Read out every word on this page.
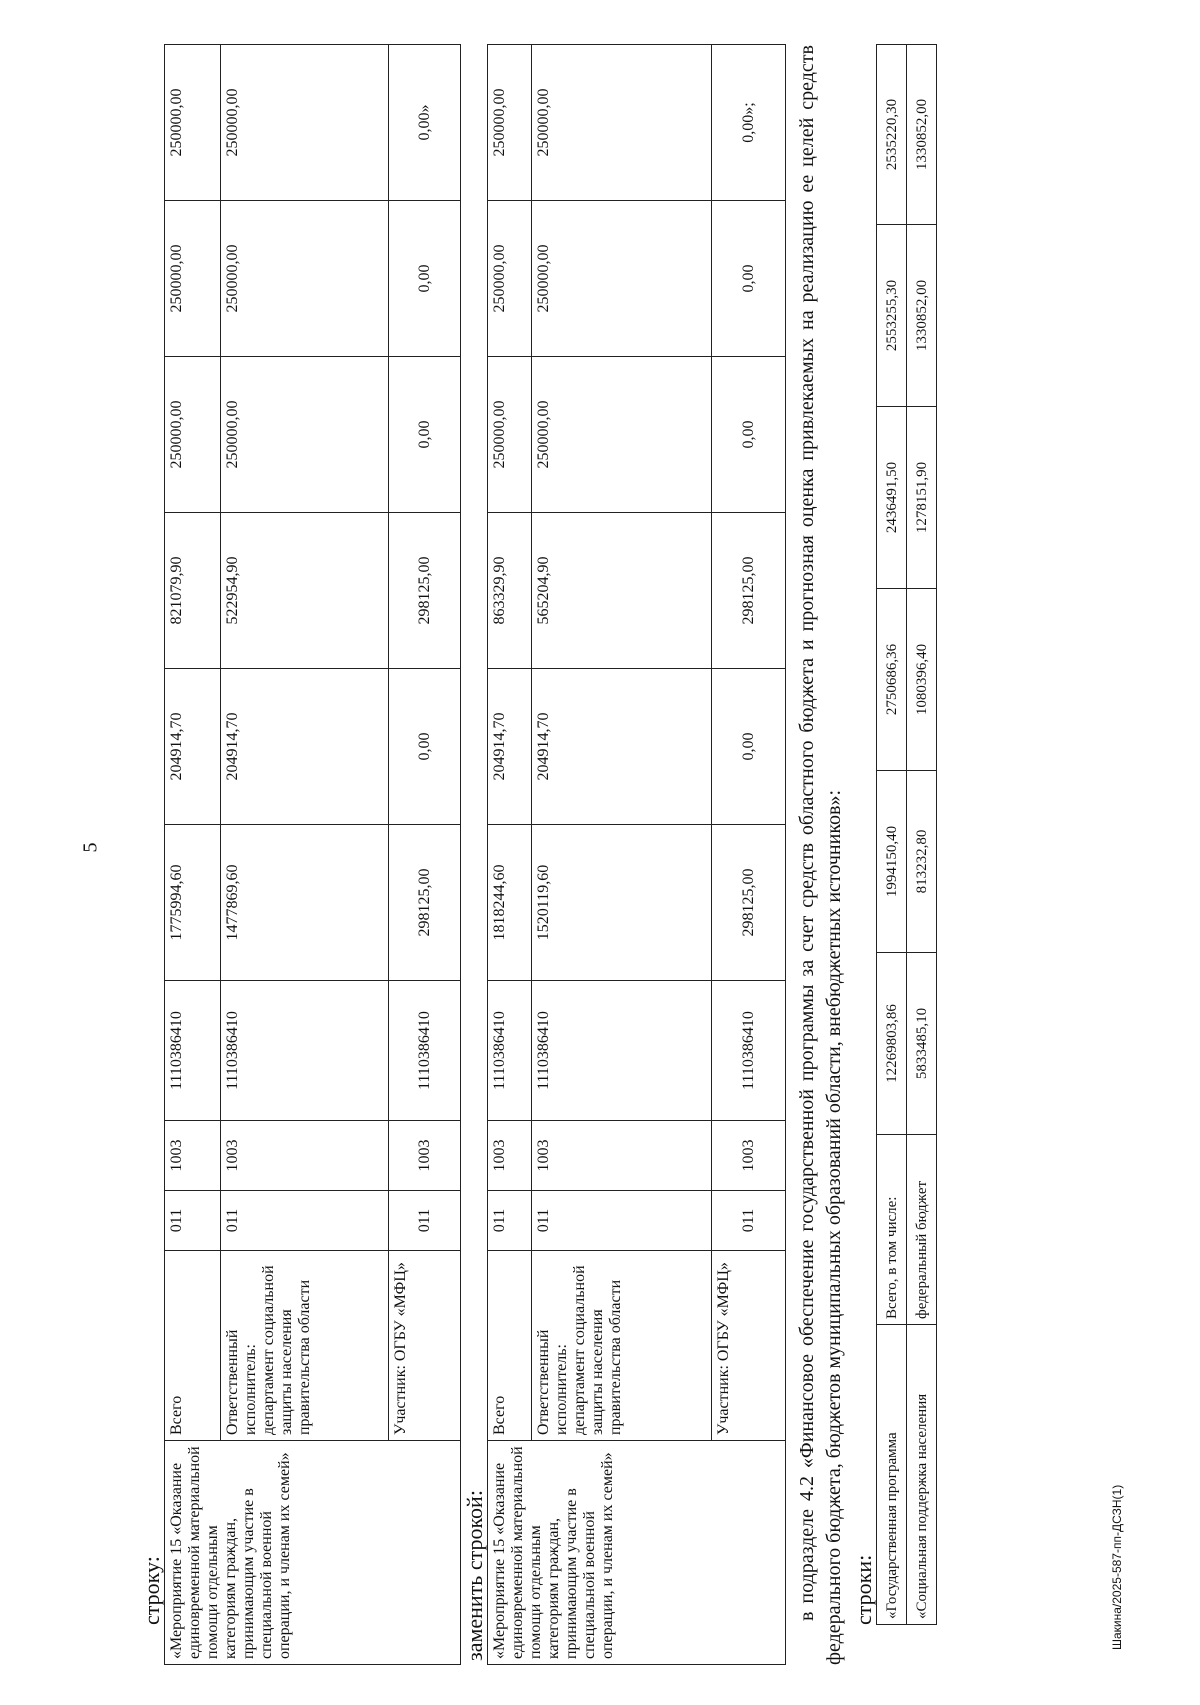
5
строку: «Мероприятие 15 «Оказание единовременной материальной помощи отдельным категориям граждан, принимающим участие в специальной военной операции, и членам их семей»	Всего	011	1003	1110386410	1775994,60	204914,70	821079,90	250000,00	250000,00	250000,00
	Ответственный исполнитель: департамент социальной защиты населения правительства области	011	1003	1110386410	1477869,60	204914,70	522954,90	250000,00	250000,00	250000,00
	Участник: ОГБУ «МФЦ»	011	1003	1110386410	298125,00	0,00	298125,00	0,00	0,00	0,00»
заменить строкой: «Мероприятие 15 «Оказание единовременной материальной помощи отдельным категориям граждан, принимающим участие в специальной военной операции, и членам их семей»	Всего	011	1003	1110386410	1818244,60	204914,70	863329,90	250000,00	250000,00	250000,00
	Ответственный исполнитель: департамент социальной защиты населения правительства области	011	1003	1110386410	1520119,60	204914,70	565204,90	250000,00	250000,00	250000,00
	Участник: ОГБУ «МФЦ»	011	1003	1110386410	298125,00	0,00	298125,00	0,00	0,00	0,00»; в подразделе 4.2 «Финансовое обеспечение государственной программы за счет средств областного бюджета и прогнозная оценка привлекаемых на реализацию ее целей средств федерального бюджета, бюджетов муниципальных образований области, внебюджетных источников»: строки: «Государственная программа	Всего, в том числе:	12269803,86	1994150,40	2750686,36	2436491,50	2553255,30	2535220,30
«Социальная поддержка населения	федеральный бюджет	5833485,10	813232,80	1080396,40	1278151,90	1330852,00	1330852,00
Шакина/2025-587-пп-ДСЗН(1)
